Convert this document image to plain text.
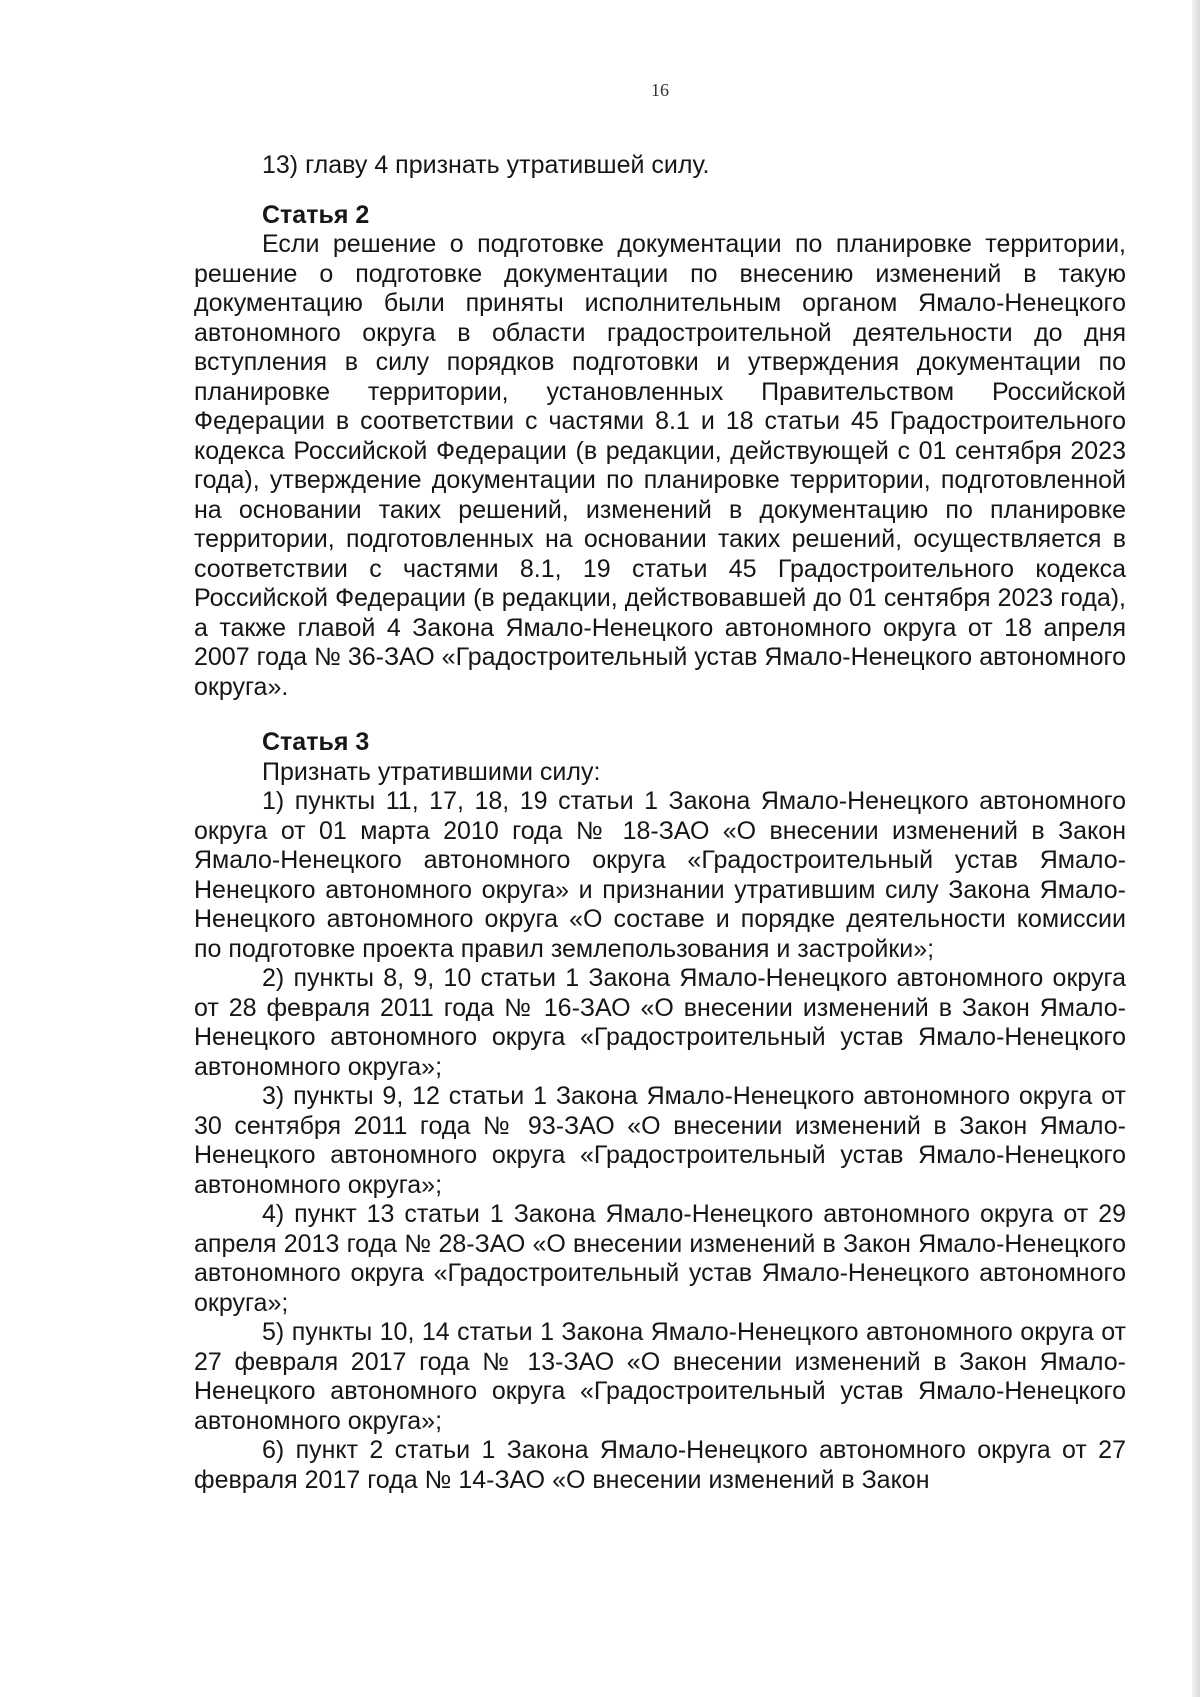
16

13) главу 4 признать утратившей силу.

Статья 2

Если решение о подготовке документации по планировке территории, решение о подготовке документации по внесению изменений в такую документацию были приняты исполнительным органом Ямало-Ненецкого автономного округа в области градостроительной деятельности до дня вступления в силу порядков подготовки и утверждения документации по планировке территории, установленных Правительством Российской Федерации в соответствии с частями 8.1 и 18 статьи 45 Градостроительного кодекса Российской Федерации (в редакции, действующей с 01 сентября 2023 года), утверждение документации по планировке территории, подготовленной на основании таких решений, изменений в документацию по планировке территории, подготовленных на основании таких решений, осуществляется в соответствии с частями 8.1, 19 статьи 45 Градостроительного кодекса Российской Федерации (в редакции, действовавшей до 01 сентября 2023 года), а также главой 4 Закона Ямало-Ненецкого автономного округа от 18 апреля 2007 года № 36-ЗАО «Градостроительный устав Ямало-Ненецкого автономного округа».

Статья 3

Признать утратившими силу:

1) пункты 11, 17, 18, 19 статьи 1 Закона Ямало-Ненецкого автономного округа от 01 марта 2010 года № 18-ЗАО «О внесении изменений в Закон Ямало-Ненецкого автономного округа «Градостроительный устав Ямало-Ненецкого автономного округа» и признании утратившим силу Закона Ямало-Ненецкого автономного округа «О составе и порядке деятельности комиссии по подготовке проекта правил землепользования и застройки»;

2) пункты 8, 9, 10 статьи 1 Закона Ямало-Ненецкого автономного округа от 28 февраля 2011 года № 16-ЗАО «О внесении изменений в Закон Ямало-Ненецкого автономного округа «Градостроительный устав Ямало-Ненецкого автономного округа»;

3) пункты 9, 12 статьи 1 Закона Ямало-Ненецкого автономного округа от 30 сентября 2011 года № 93-ЗАО «О внесении изменений в Закон Ямало-Ненецкого автономного округа «Градостроительный устав Ямало-Ненецкого автономного округа»;

4) пункт 13 статьи 1 Закона Ямало-Ненецкого автономного округа от 29 апреля 2013 года № 28-ЗАО «О внесении изменений в Закон Ямало-Ненецкого автономного округа «Градостроительный устав Ямало-Ненецкого автономного округа»;

5) пункты 10, 14 статьи 1 Закона Ямало-Ненецкого автономного округа от 27 февраля 2017 года № 13-ЗАО «О внесении изменений в Закон Ямало-Ненецкого автономного округа «Градостроительный устав Ямало-Ненецкого автономного округа»;

6) пункт 2 статьи 1 Закона Ямало-Ненецкого автономного округа от 27 февраля 2017 года № 14-ЗАО «О внесении изменений в Закон
